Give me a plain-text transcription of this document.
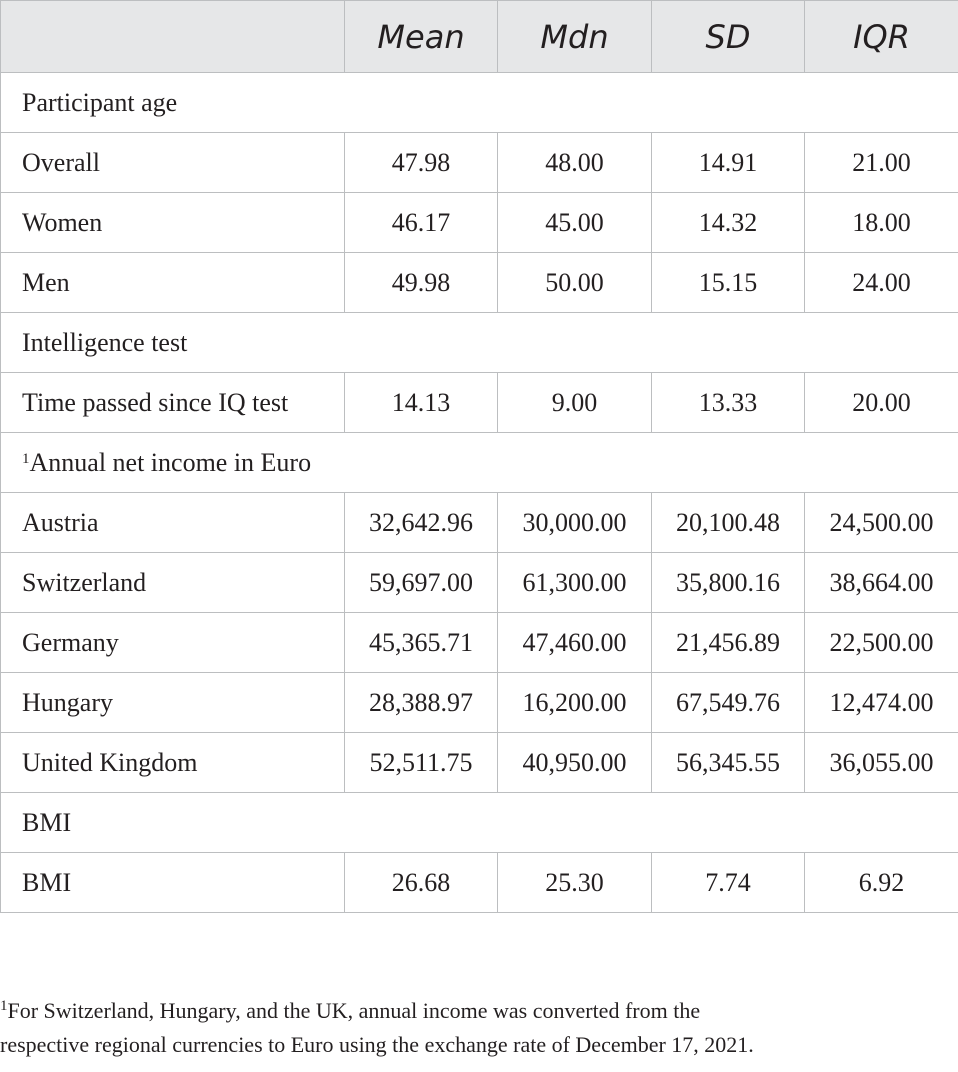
	Mean	Mdn	SD	IQR
Participant age				
Overall	47.98	48.00	14.91	21.00
Women	46.17	45.00	14.32	18.00
Men	49.98	50.00	15.15	24.00
Intelligence test				
Time passed since IQ test	14.13	9.00	13.33	20.00
$^1$Annual net income in Euro				
Austria	32,642.96	30,000.00	20,100.48	24,500.00
Switzerland	59,697.00	61,300.00	35,800.16	38,664.00
Germany	45,365.71	47,460.00	21,456.89	22,500.00
Hungary	28,388.97	16,200.00	67,549.76	12,474.00
United Kingdom	52,511.75	40,950.00	56,345.55	36,055.00
BMI				
BMI	26.68	25.30	7.74	6.92

$^1$For Switzerland, Hungary, and the UK, annual income was converted from the

respective regional currencies to Euro using the exchange rate of December 17, 2021.
